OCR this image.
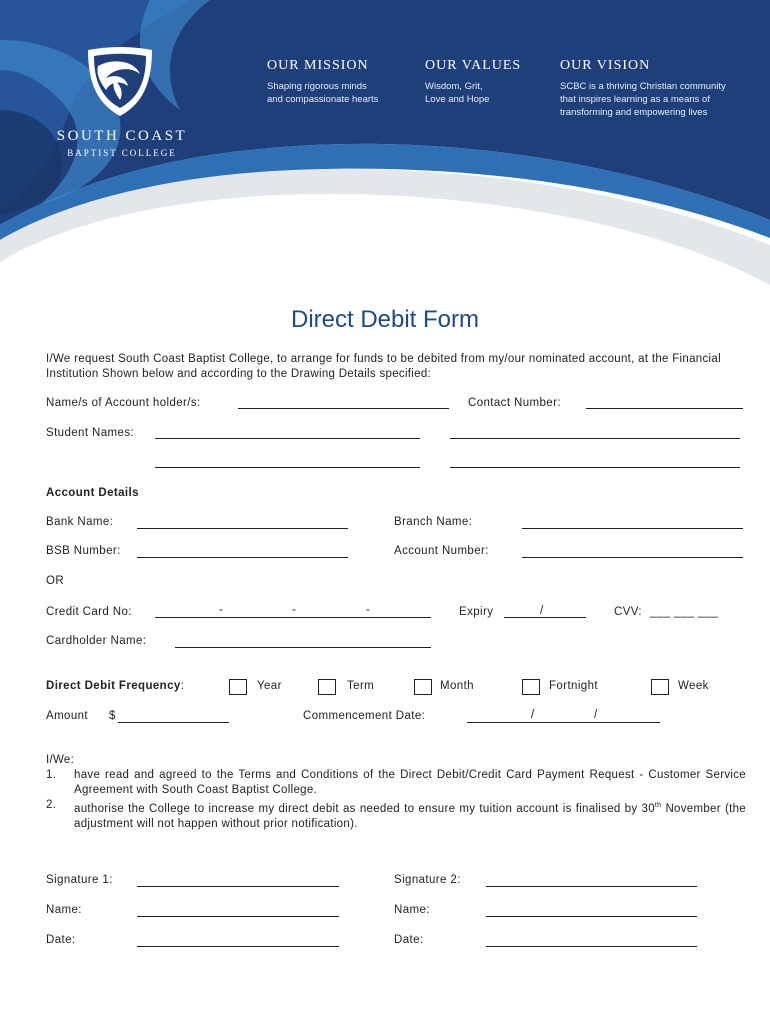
SOUTH COAST
BAPTIST COLLEGE
OUR MISSION
Shaping rigorous minds
and compassionate hearts
OUR VALUES
Wisdom, Grit,
Love and Hope
OUR VISION
SCBC is a thriving Christian community
that inspires learning as a means of
transforming and empowering lives
Direct Debit Form
I/We request South Coast Baptist College, to arrange for funds to be debited from my/our nominated account, at the Financial Institution Shown below and according to the Drawing Details specified:
Name/s of Account holder/s:	Contact Number:
Student Names:
Account Details
Bank Name:	Branch Name:
BSB Number:	Account Number:
OR
Credit Card No:	-	-	-	Expiry	/	CVV: ___ ___ ___
Cardholder Name:
Direct Debit Frequency:	Year	Term	Month	Fortnight	Week
Amount $	Commencement Date:	/	/
I/We:
1.	have read and agreed to the Terms and Conditions of the Direct Debit/Credit Card Payment Request - Customer Service Agreement with South Coast Baptist College.
2.	authorise the College to increase my direct debit as needed to ensure my tuition account is finalised by 30th November (the adjustment will not happen without prior notification).
Signature 1:	Signature 2:
Name:	Name:
Date:	Date:
